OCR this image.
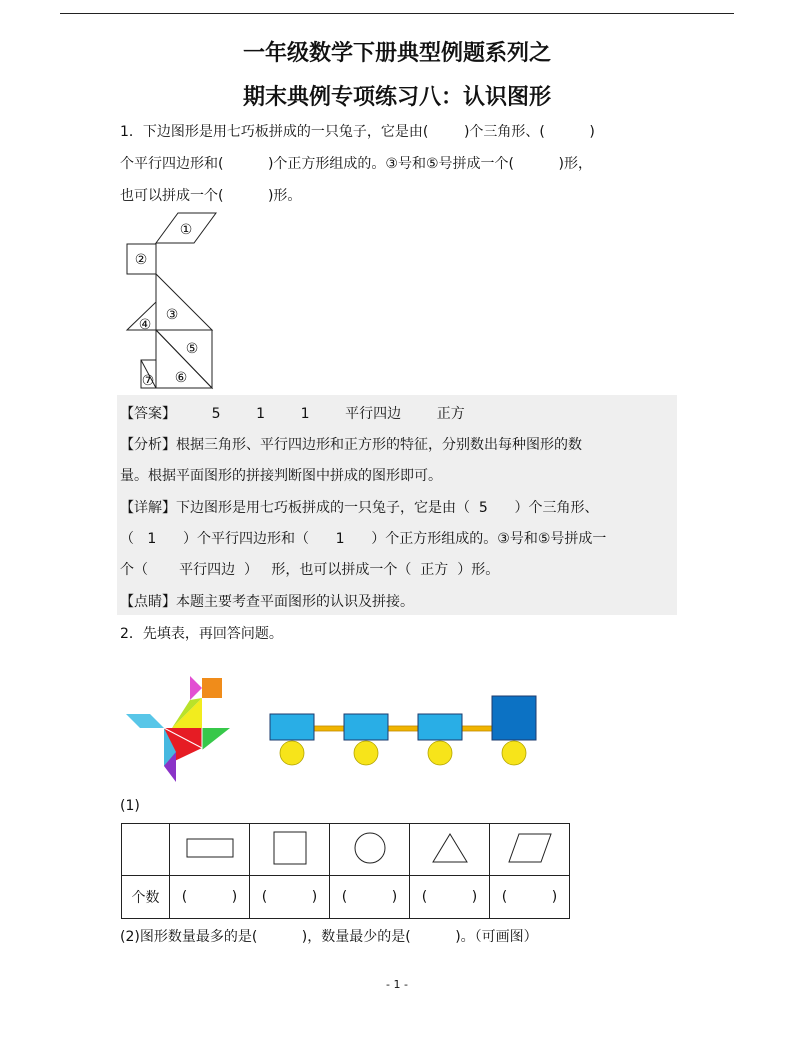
一年级数学下册典型例题系列之
期末典例专项练习八：认识图形
1．下边图形是用七巧板拼成的一只兔子，它是由(        )个三角形、(          )
个平行四边形和(          )个正方形组成的。③号和⑤号拼成一个(          )形，
也可以拼成一个(          )形。
①
②
③
④
⑤
⑥
⑦
【答案】        5        1        1        平行四边        正方
【分析】根据三角形、平行四边形和正方形的特征，分别数出每种图形的数
量。根据平面图形的拼接判断图中拼成的图形即可。
【详解】下边图形是用七巧板拼成的一只兔子，它是由（  5      ）个三角形、
（   1      ）个平行四边形和（      1      ）个正方形组成的。③号和⑤号拼成一
个（       平行四边  ）   形，也可以拼成一个（  正方  ）形。
【点睛】本题主要考查平面图形的认识及拼接。
2．先填表，再回答问题。
(1)

个数	(          )	(          )	(          )	(          )	(          )
(2)图形数量最多的是(          )，数量最少的是(          )。（可画图）
- 1 -
